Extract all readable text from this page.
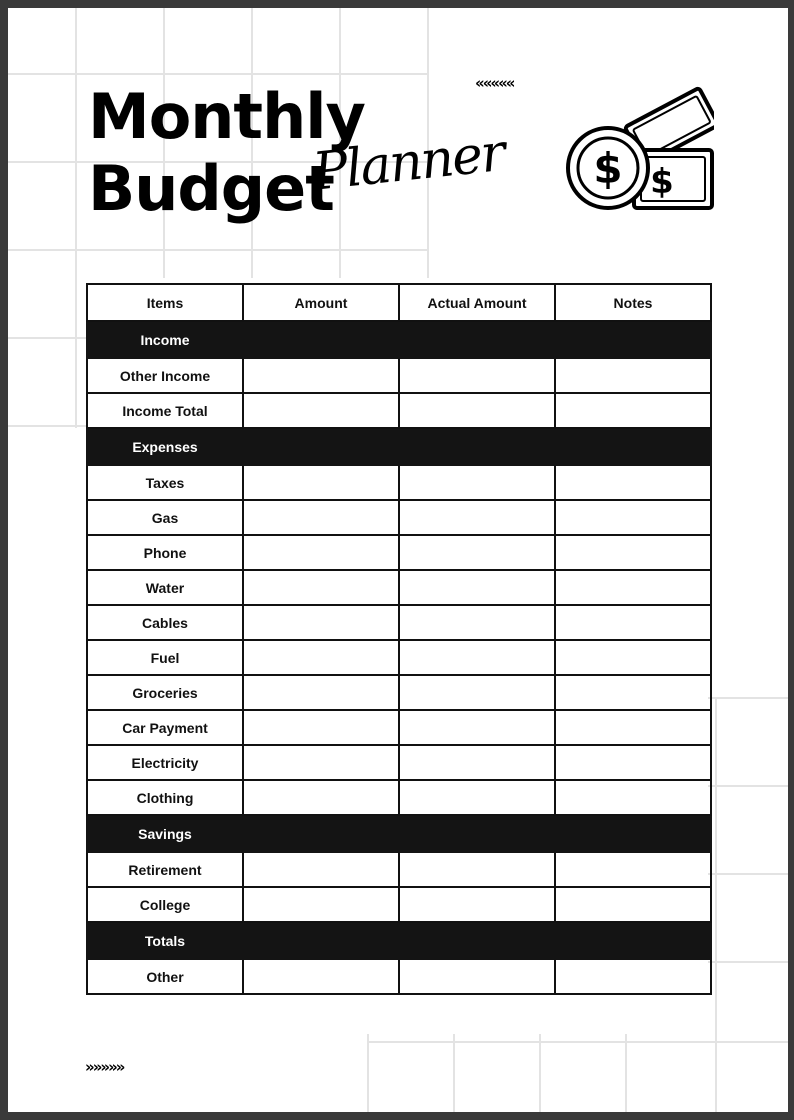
Monthly
Budget
Planner
«««««
$
$
Items	Amount	Actual Amount	Notes
Income			
Other Income			
Income Total			
Expenses			
Taxes			
Gas			
Phone			
Water			
Cables			
Fuel			
Groceries			
Car Payment			
Electricity			
Clothing			
Savings			
Retirement			
College			
Totals			
Other			
»»»»»
